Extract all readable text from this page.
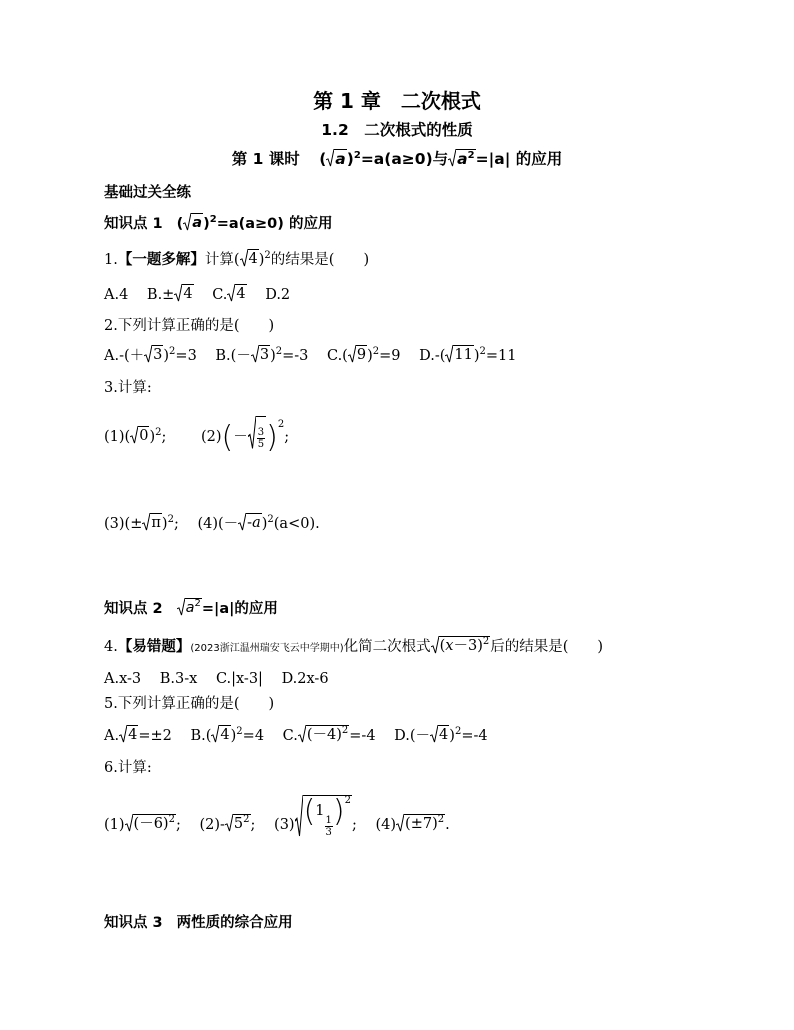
第 1 章　二次根式
1.2　二次根式的性质
第 1 课时 ( a )$^2$=a(a≥0)与 $a^2 =|a|$ 的应用
基础过关全练
知识点 1 ( a )$^2$=a(a≥0) 的应用
1.【一题多解】计算( 4 )$^2$的结果是(　　)
A.4 B.± 4 C. 4 D.2
2.下列计算正确的是(　　)
A.-(＋ 3 )$^2$=3 B.(－ 3 )$^2$=-3 C.( 9 )$^2$=9 D.-( 11 )$^2$=11
3.计算:
(1)( 0 )$^2$; $(2)(- \frac{3}{5} )^2$;
(3)(± π )$^2$; (4)(－ -a )$^2$(a<0).
知识点 2 $a^2 =|a|$的应用
4.【易错题】(2023浙江温州瑞安飞云中学期中)化简二次根式 $(x-3)^2$ 后的结果是(　　)
A.x-3 B.3-x C.|x-3| D.2x-6
5.下列计算正确的是(　　)
A. 4 =±2 B.( 4 )$^2$=4 C. $(-4)^2 =-4$ D.(－ 4 )$^2$=-4
6.计算:
(1) $(-6)^2$ ; (2)- $5^2$ ; (3) (1
$\frac{1}{3} )^2$
; (4) $(\pm 7)^2$ .
知识点 3 两性质的综合应用
